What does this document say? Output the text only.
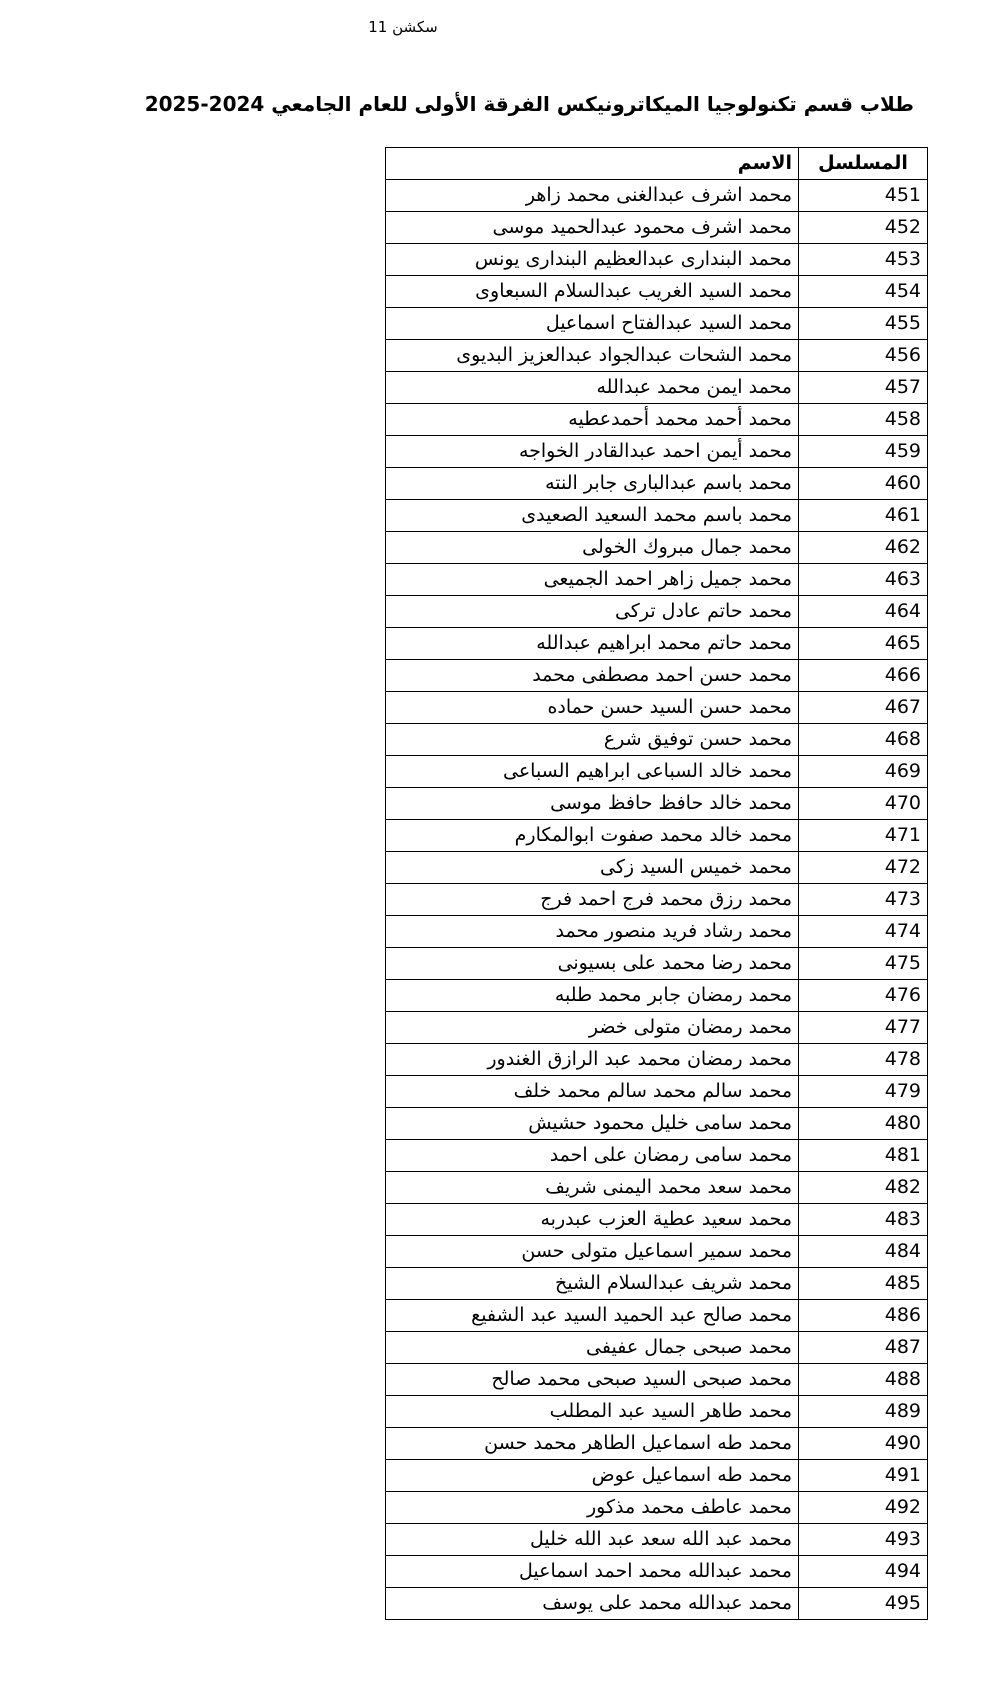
سكشن 11
طلاب قسم تكنولوجيا الميكاترونيكس الفرقة الأولى للعام الجامعي 2024-2025
المسلسل	الاسم
451	محمد اشرف عبدالغنى محمد زاهر
452	محمد اشرف محمود عبدالحميد موسى
453	محمد البندارى عبدالعظيم البندارى يونس
454	محمد السيد الغريب عبدالسلام السبعاوى
455	محمد السيد عبدالفتاح اسماعيل
456	محمد الشحات عبدالجواد عبدالعزيز البديوى
457	محمد ايمن محمد عبدالله
458	محمد أحمد محمد أحمدعطيه
459	محمد أيمن احمد عبدالقادر الخواجه
460	محمد باسم عبدالبارى جابر النته
461	محمد باسم محمد السعيد الصعيدى
462	محمد جمال مبروك الخولى
463	محمد جميل زاهر احمد الجميعى
464	محمد حاتم عادل تركى
465	محمد حاتم محمد ابراهيم عبدالله
466	محمد حسن احمد مصطفى محمد
467	محمد حسن السيد حسن حماده
468	محمد حسن توفيق شرع
469	محمد خالد السباعى ابراهيم السباعى
470	محمد خالد حافظ حافظ موسى
471	محمد خالد محمد صفوت ابوالمكارم
472	محمد خميس السيد زكى
473	محمد رزق محمد فرج احمد فرج
474	محمد رشاد فريد منصور محمد
475	محمد رضا محمد على بسيونى
476	محمد رمضان جابر محمد طلبه
477	محمد رمضان متولى خضر
478	محمد رمضان محمد عبد الرازق الغندور
479	محمد سالم محمد سالم محمد خلف
480	محمد سامى خليل محمود حشيش
481	محمد سامى رمضان على احمد
482	محمد سعد محمد اليمنى شريف
483	محمد سعيد عطية العزب عبدربه
484	محمد سمير اسماعيل متولى حسن
485	محمد شريف عبدالسلام الشيخ
486	محمد صالح عبد الحميد السيد عبد الشفيع
487	محمد صبحى جمال عفيفى
488	محمد صبحى السيد صبحى محمد صالح
489	محمد طاهر السيد عبد المطلب
490	محمد طه اسماعيل الطاهر محمد حسن
491	محمد طه اسماعيل عوض
492	محمد عاطف محمد مذكور
493	محمد عبد الله سعد عبد الله خليل
494	محمد عبدالله محمد احمد اسماعيل
495	محمد عبدالله محمد على يوسف
